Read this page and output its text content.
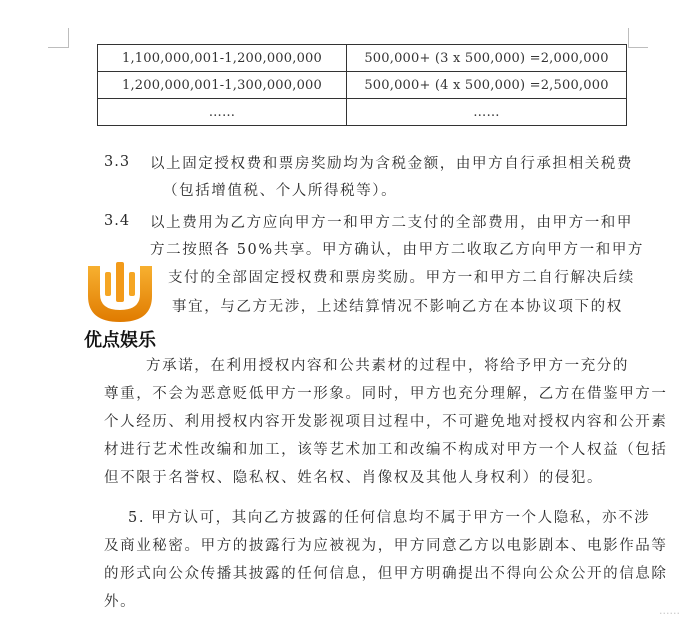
1,100,000,001-1,200,000,000	500,000+ (3 x 500,000) =2,000,000
1,200,000,001-1,300,000,000	500,000+ (4 x 500,000) =2,500,000
……	……
3.3 以上固定授权费和票房奖励均为含税金额，由甲方自行承担相关税费
（包括增值税、个人所得税等）。
3.4 以上费用为乙方应向甲方一和甲方二支付的全部费用，由甲方一和甲
方二按照各 50%共享。甲方确认，由甲方二收取乙方向甲方一和甲方
支付的全部固定授权费和票房奖励。甲方一和甲方二自行解决后续
事宜，与乙方无涉，上述结算情况不影响乙方在本协议项下的权
方承诺，在利用授权内容和公共素材的过程中，将给予甲方一充分的
尊重，不会为恶意贬低甲方一形象。同时，甲方也充分理解，乙方在借鉴甲方一
个人经历、利用授权内容开发影视项目过程中，不可避免地对授权内容和公开素
材进行艺术性改编和加工，该等艺术加工和改编不构成对甲方一个人权益（包括
但不限于名誉权、隐私权、姓名权、肖像权及其他人身权利）的侵犯。
5. 甲方认可，其向乙方披露的任何信息均不属于甲方一个人隐私，亦不涉
及商业秘密。甲方的披露行为应被视为，甲方同意乙方以电影剧本、电影作品等
的形式向公众传播其披露的任何信息，但甲方明确提出不得向公众公开的信息除
外。
优点娱乐
......
